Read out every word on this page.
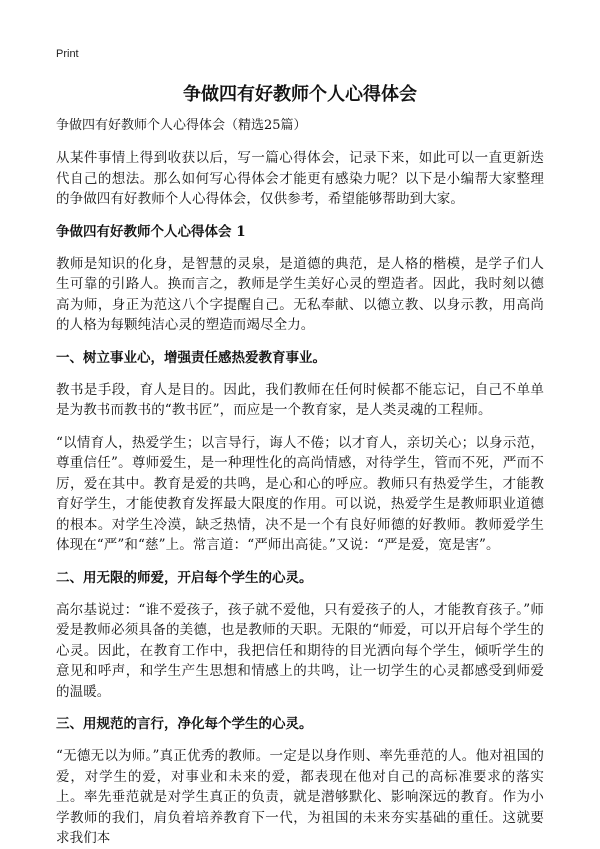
Print
争做四有好教师个人心得体会

争做四有好教师个人心得体会（精选25篇）

从某件事情上得到收获以后，写一篇心得体会，记录下来，如此可以一直更新迭代自己的想法。那么如何写心得体会才能更有感染力呢？以下是小编帮大家整理的争做四有好教师个人心得体会，仅供参考，希望能够帮助到大家。

争做四有好教师个人心得体会 1

教师是知识的化身，是智慧的灵泉，是道德的典范，是人格的楷模，是学子们人生可靠的引路人。换而言之，教师是学生美好心灵的塑造者。因此，我时刻以德高为师，身正为范这八个字提醒自己。无私奉献、以德立教、以身示教，用高尚的人格为每颗纯洁心灵的塑造而竭尽全力。

一、树立事业心，增强责任感热爱教育事业。

教书是手段，育人是目的。因此，我们教师在任何时候都不能忘记，自己不单单是为教书而教书的“教书匠”，而应是一个教育家，是人类灵魂的工程师。

“以情育人，热爱学生；以言导行，诲人不倦；以才育人，亲切关心；以身示范，尊重信任”。尊师爱生，是一种理性化的高尚情感，对待学生，管而不死，严而不厉，爱在其中。教育是爱的共鸣，是心和心的呼应。教师只有热爱学生，才能教育好学生，才能使教育发挥最大限度的作用。可以说，热爱学生是教师职业道德的根本。对学生冷漠，缺乏热情，决不是一个有良好师德的好教师。教师爱学生体现在“严”和“慈”上。常言道：“严师出高徒。”又说：“严是爱，宽是害”。

二、用无限的师爱，开启每个学生的心灵。

高尔基说过：“谁不爱孩子，孩子就不爱他，只有爱孩子的人，才能教育孩子。”师爱是教师必须具备的美德，也是教师的天职。无限的“师爱，可以开启每个学生的心灵。因此，在教育工作中，我把信任和期待的目光洒向每个学生，倾听学生的意见和呼声，和学生产生思想和情感上的共鸣，让一切学生的心灵都感受到师爱的温暖。

三、用规范的言行，净化每个学生的心灵。

“无德无以为师。”真正优秀的教师。一定是以身作则、率先垂范的人。他对祖国的爱，对学生的爱，对事业和未来的爱，都表现在他对自己的高标准要求的落实上。率先垂范就是对学生真正的负责，就是潜够默化、影响深远的教育。作为小学教师的我们，肩负着培养教育下一代，为祖国的未来夯实基础的重任。这就要求我们本
